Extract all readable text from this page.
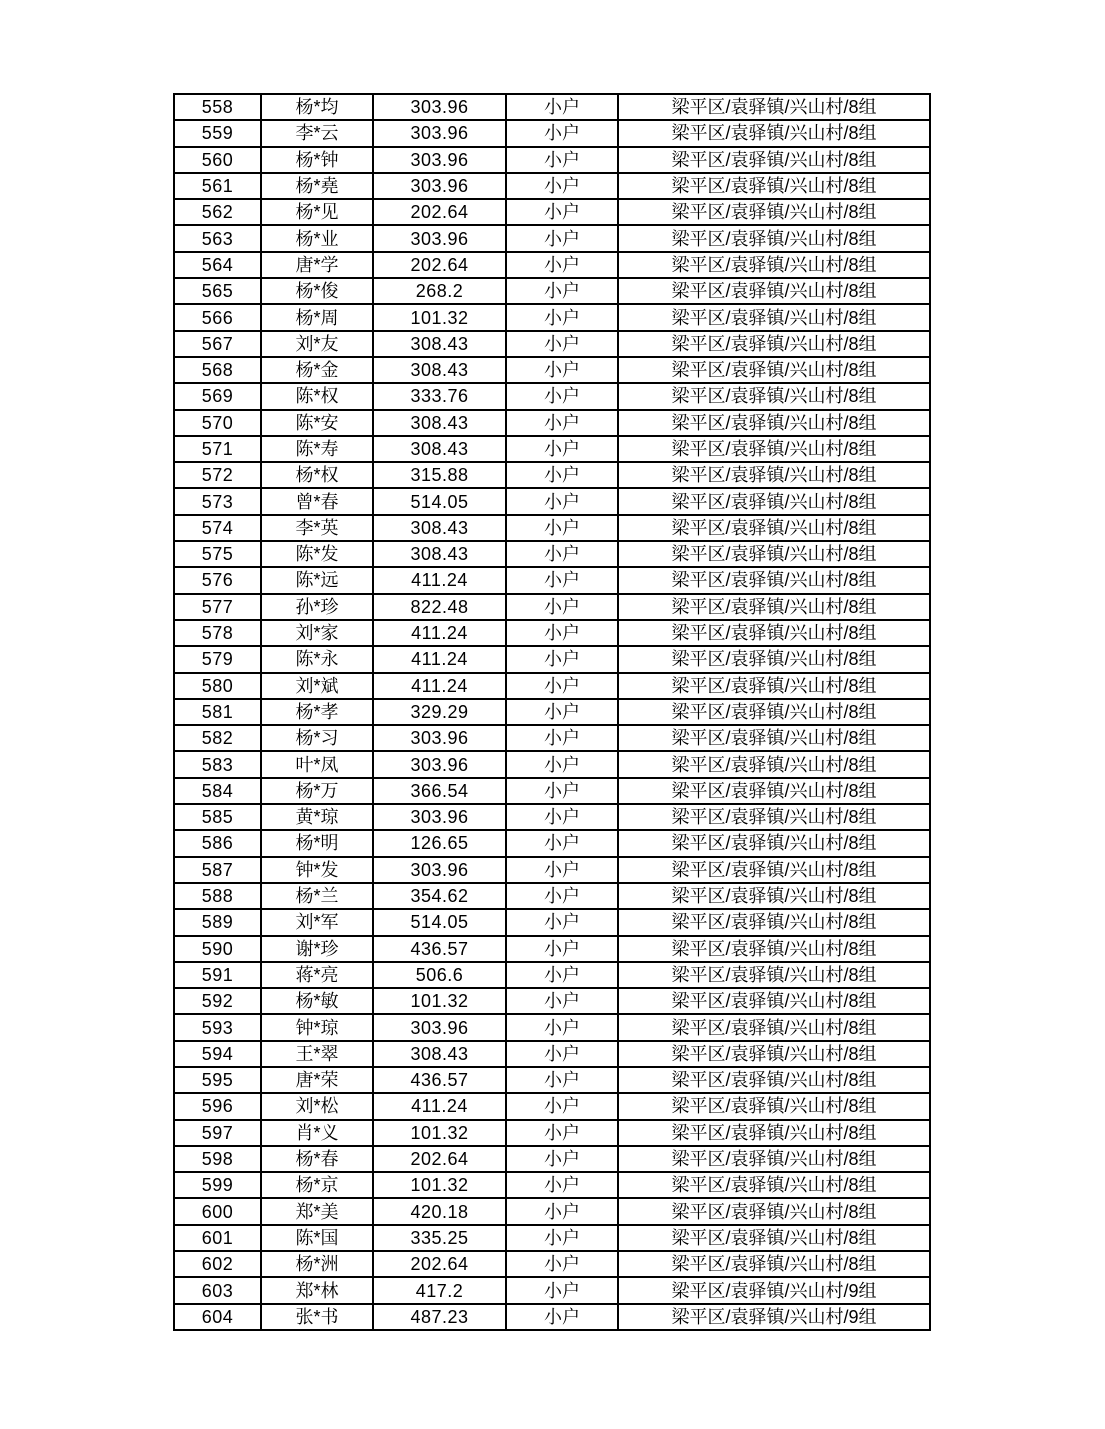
558	杨*均	303.96	小户	梁平区/袁驿镇/兴山村/8组
559	李*云	303.96	小户	梁平区/袁驿镇/兴山村/8组
560	杨*钟	303.96	小户	梁平区/袁驿镇/兴山村/8组
561	杨*堯	303.96	小户	梁平区/袁驿镇/兴山村/8组
562	杨*见	202.64	小户	梁平区/袁驿镇/兴山村/8组
563	杨*业	303.96	小户	梁平区/袁驿镇/兴山村/8组
564	唐*学	202.64	小户	梁平区/袁驿镇/兴山村/8组
565	杨*俊	268.2	小户	梁平区/袁驿镇/兴山村/8组
566	杨*周	101.32	小户	梁平区/袁驿镇/兴山村/8组
567	刘*友	308.43	小户	梁平区/袁驿镇/兴山村/8组
568	杨*金	308.43	小户	梁平区/袁驿镇/兴山村/8组
569	陈*权	333.76	小户	梁平区/袁驿镇/兴山村/8组
570	陈*安	308.43	小户	梁平区/袁驿镇/兴山村/8组
571	陈*寿	308.43	小户	梁平区/袁驿镇/兴山村/8组
572	杨*权	315.88	小户	梁平区/袁驿镇/兴山村/8组
573	曾*春	514.05	小户	梁平区/袁驿镇/兴山村/8组
574	李*英	308.43	小户	梁平区/袁驿镇/兴山村/8组
575	陈*发	308.43	小户	梁平区/袁驿镇/兴山村/8组
576	陈*远	411.24	小户	梁平区/袁驿镇/兴山村/8组
577	孙*珍	822.48	小户	梁平区/袁驿镇/兴山村/8组
578	刘*家	411.24	小户	梁平区/袁驿镇/兴山村/8组
579	陈*永	411.24	小户	梁平区/袁驿镇/兴山村/8组
580	刘*斌	411.24	小户	梁平区/袁驿镇/兴山村/8组
581	杨*孝	329.29	小户	梁平区/袁驿镇/兴山村/8组
582	杨*习	303.96	小户	梁平区/袁驿镇/兴山村/8组
583	叶*凤	303.96	小户	梁平区/袁驿镇/兴山村/8组
584	杨*万	366.54	小户	梁平区/袁驿镇/兴山村/8组
585	黄*琼	303.96	小户	梁平区/袁驿镇/兴山村/8组
586	杨*明	126.65	小户	梁平区/袁驿镇/兴山村/8组
587	钟*发	303.96	小户	梁平区/袁驿镇/兴山村/8组
588	杨*兰	354.62	小户	梁平区/袁驿镇/兴山村/8组
589	刘*军	514.05	小户	梁平区/袁驿镇/兴山村/8组
590	谢*珍	436.57	小户	梁平区/袁驿镇/兴山村/8组
591	蒋*亮	506.6	小户	梁平区/袁驿镇/兴山村/8组
592	杨*敏	101.32	小户	梁平区/袁驿镇/兴山村/8组
593	钟*琼	303.96	小户	梁平区/袁驿镇/兴山村/8组
594	王*翠	308.43	小户	梁平区/袁驿镇/兴山村/8组
595	唐*荣	436.57	小户	梁平区/袁驿镇/兴山村/8组
596	刘*松	411.24	小户	梁平区/袁驿镇/兴山村/8组
597	肖*义	101.32	小户	梁平区/袁驿镇/兴山村/8组
598	杨*春	202.64	小户	梁平区/袁驿镇/兴山村/8组
599	杨*京	101.32	小户	梁平区/袁驿镇/兴山村/8组
600	郑*美	420.18	小户	梁平区/袁驿镇/兴山村/8组
601	陈*国	335.25	小户	梁平区/袁驿镇/兴山村/8组
602	杨*洲	202.64	小户	梁平区/袁驿镇/兴山村/8组
603	郑*林	417.2	小户	梁平区/袁驿镇/兴山村/9组
604	张*书	487.23	小户	梁平区/袁驿镇/兴山村/9组
